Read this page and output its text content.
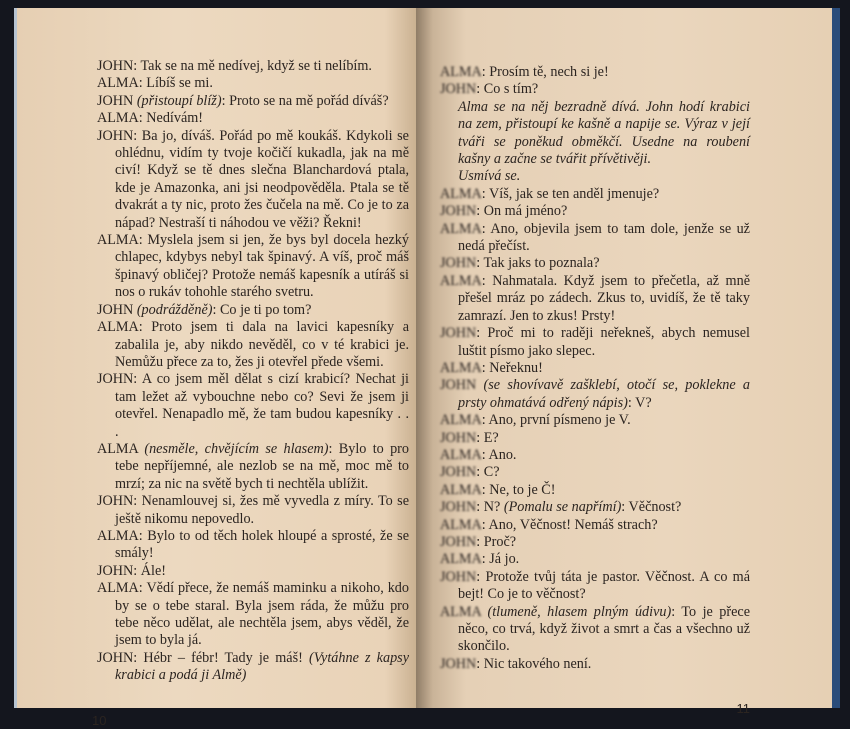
JOHN: Tak se na mě nedívej, když se ti nelíbím.

ALMA: Líbíš se mi.

JOHN (přistoupí blíž): Proto se na mě pořád díváš?

ALMA: Nedívám!

JOHN: Ba jo, díváš. Pořád po mě koukáš. Kdykoli se ohlédnu, vidím ty tvoje kočičí kukadla, jak na mě civí! Když se tě dnes slečna Blanchardová ptala, kde je Amazonka, ani jsi neodpověděla. Ptala se tě dvakrát a ty nic, proto žes čučela na mě. Co je to za nápad? Nestraší ti náhodou ve věži? Řekni!

ALMA: Myslela jsem si jen, že bys byl docela hezký chlapec, kdybys nebyl tak špinavý. A víš, proč máš špinavý obličej? Protože nemáš kapesník a utíráš si nos o rukáv tohohle starého svetru.

JOHN (podrážděně): Co je ti po tom?

ALMA: Proto jsem ti dala na lavici kapesníky a zabalila je, aby nikdo nevěděl, co v té krabici je. Nemůžu přece za to, žes ji otevřel přede všemi.

JOHN: A co jsem měl dělat s cizí krabicí? Nechat ji tam ležet až vybouchne nebo co? Sevi že jsem ji otevřel. Nenapadlo mě, že tam budou kapesníky . . .

ALMA (nesměle, chvějícím se hlasem): Bylo to pro tebe nepříjemné, ale nezlob se na mě, moc mě to mrzí; za nic na světě bych ti nechtěla ublížit.

JOHN: Nenamlouvej si, žes mě vyvedla z míry. To se ještě nikomu nepovedlo.

ALMA: Bylo to od těch holek hloupé a sprosté, že se smály!

JOHN: Ále!

ALMA: Vědí přece, že nemáš maminku a nikoho, kdo by se o tebe staral. Byla jsem ráda, že můžu pro tebe něco udělat, ale nechtěla jsem, abys věděl, že jsem to byla já.

JOHN: Hébr – fébr! Tady je máš! (Vytáhne z kapsy krabici a podá ji Almě)

10

ALMA: Prosím tě, nech si je!

JOHN: Co s tím?

Alma se na něj bezradně dívá. John hodí krabici na zem, přistoupí ke kašně a napije se. Výraz v její tváři se poněkud obměkčí. Usedne na roubení kašny a začne se tvářit přívětivěji.

Usmívá se.

ALMA: Víš, jak se ten anděl jmenuje?

JOHN: On má jméno?

ALMA: Ano, objevila jsem to tam dole, jenže se už nedá přečíst.

JOHN: Tak jaks to poznala?

ALMA: Nahmatala. Když jsem to přečetla, až mně přešel mráz po zádech. Zkus to, uvidíš, že tě taky zamrazí. Jen to zkus! Prsty!

JOHN: Proč mi to raději neřekneš, abych nemusel luštit písmo jako slepec.

ALMA: Neřeknu!

JOHN (se shovívavě zašklebí, otočí se, poklekne a prsty ohmatává odřený nápis): V?

ALMA: Ano, první písmeno je V.

JOHN: E?

ALMA: Ano.

JOHN: C?

ALMA: Ne, to je Č!

JOHN: N? (Pomalu se napřímí): Věčnost?

ALMA: Ano, Věčnost! Nemáš strach?

JOHN: Proč?

ALMA: Já jo.

JOHN: Protože tvůj táta je pastor. Věčnost. A co má bejt! Co je to věčnost?

ALMA (tlumeně, hlasem plným údivu): To je přece něco, co trvá, když život a smrt a čas a všechno už skončilo.

JOHN: Nic takového není.

11
